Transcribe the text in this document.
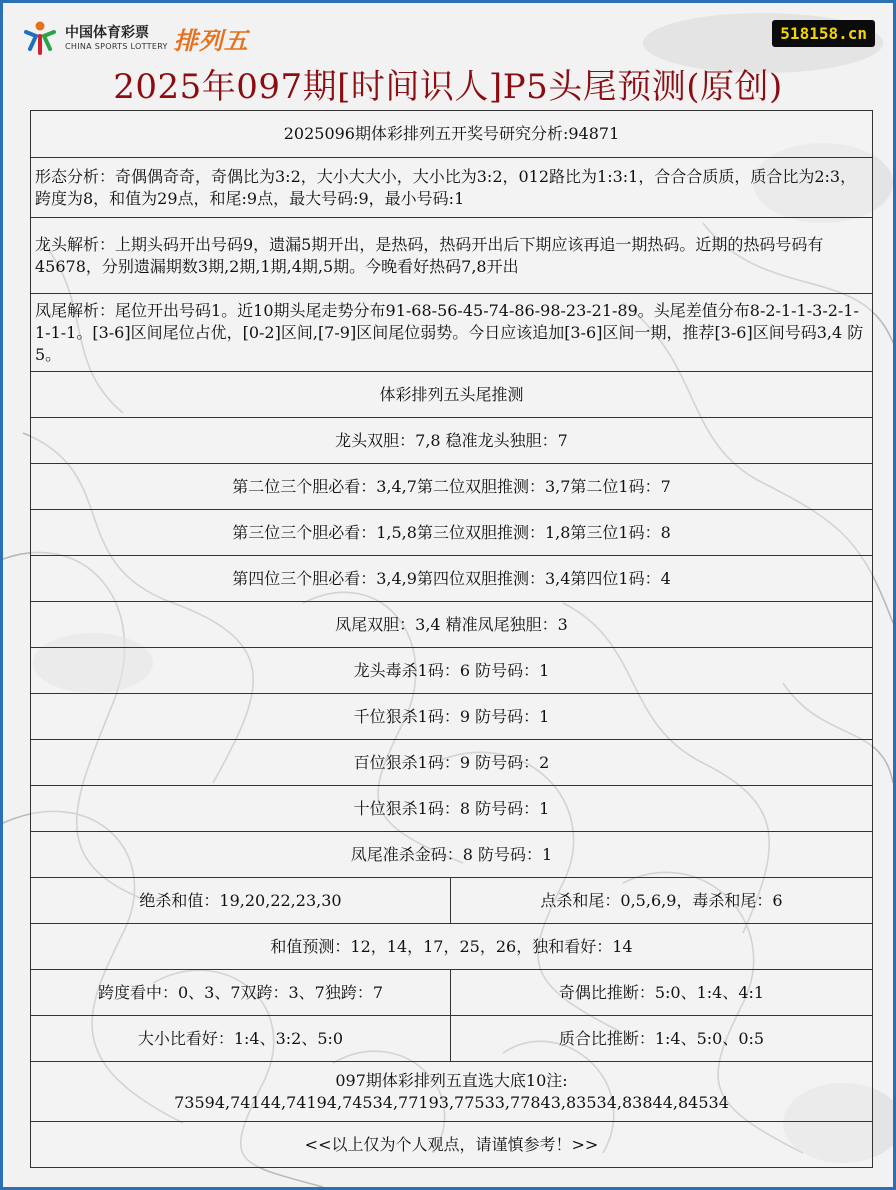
中国体育彩票
CHINA SPORTS LOTTERY 排列五	518158.cn
2025年097期[时间识人]P5头尾预测(原创)
2025096期体彩排列五开奖号研究分析:94871	
形态分析：奇偶偶奇奇，奇偶比为3:2，大小大大小，大小比为3:2，012路比为1:3:1，合合合质质，质合比为2:3，跨度为8，和值为29点，和尾:9点，最大号码:9，最小号码:1	
龙头解析：上期头码开出号码9，遗漏5期开出，是热码，热码开出后下期应该再追一期热码。近期的热码号码有45678，分别遗漏期数3期,2期,1期,4期,5期。今晚看好热码7,8开出	
凤尾解析：尾位开出号码1。近10期头尾走势分布91-68-56-45-74-86-98-23-21-89。头尾差值分布8-2-1-1-3-2-1-1-1-1。[3-6]区间尾位占优，[0-2]区间,[7-9]区间尾位弱势。今日应该追加[3-6]区间一期，推荐[3-6]区间号码3,4 防5。	
体彩排列五头尾推测	
龙头双胆：7,8 稳准龙头独胆：7	
第二位三个胆必看：3,4,7第二位双胆推测：3,7第二位1码：7	
第三位三个胆必看：1,5,8第三位双胆推测：1,8第三位1码：8	
第四位三个胆必看：3,4,9第四位双胆推测：3,4第四位1码：4	
凤尾双胆：3,4 精准凤尾独胆：3	
龙头毒杀1码：6 防号码：1	
千位狠杀1码：9 防号码：1	
百位狠杀1码：9 防号码：2	
十位狠杀1码：8 防号码：1	
凤尾准杀金码：8 防号码：1	
绝杀和值：19,20,22,23,30	点杀和尾：0,5,6,9，毒杀和尾：6
和值预测：12，14，17，25，26，独和看好：14	
跨度看中：0、3、7双跨：3、7独跨：7	奇偶比推断：5:0、1:4、4:1
大小比看好：1:4、3:2、5:0	质合比推断：1:4、5:0、0:5

097期体彩排列五直选大底10注:
73594,74144,74194,74534,77193,77533,77843,83534,83844,84534	

<<以上仅为个人观点，请谨慎参考！>>	
